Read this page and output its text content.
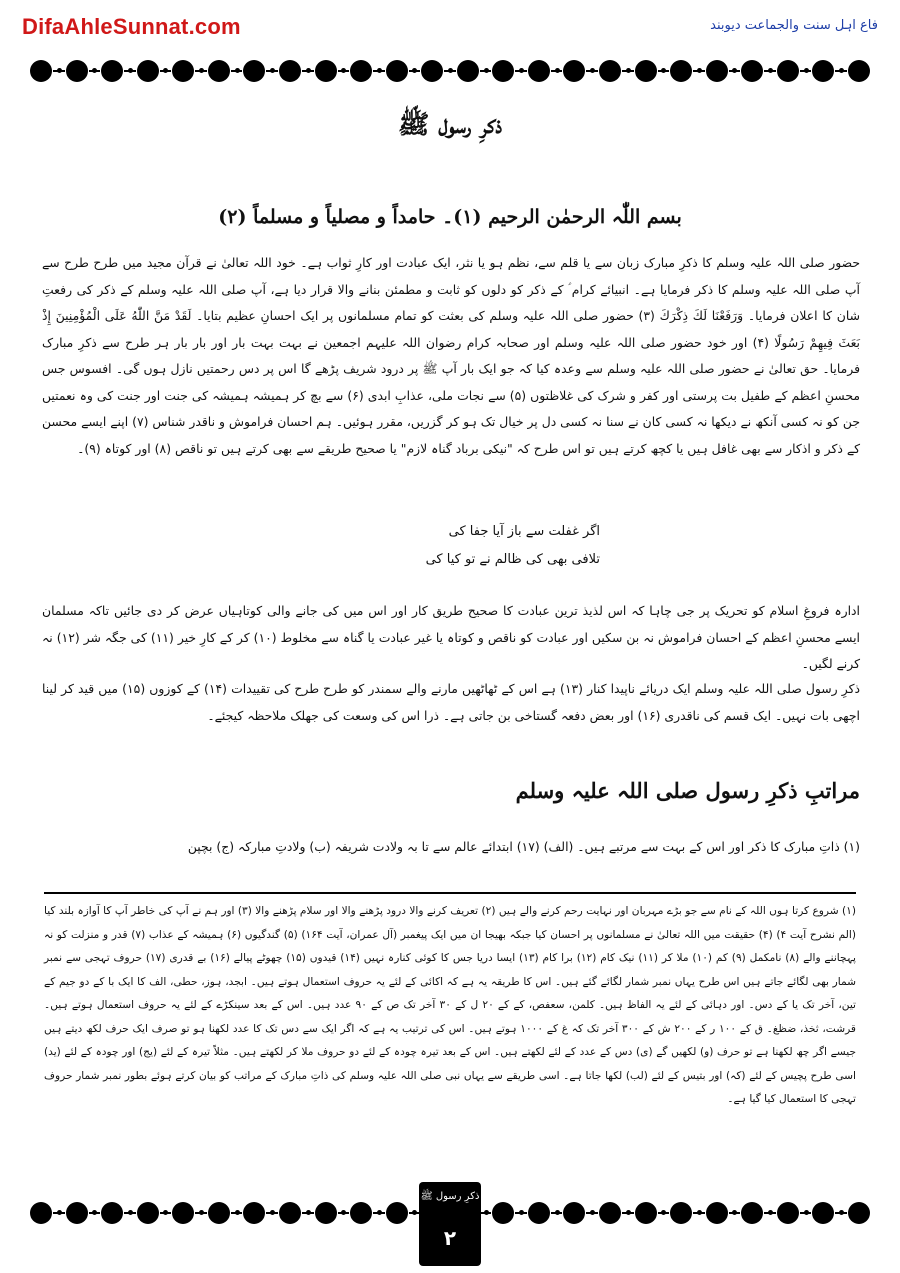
DifaAhleSunnat.com	فاع اہل سنت والجماعت دیوبند
ذکرِ رسول ﷺ
بسم اللّٰہ الرحمٰن الرحیم (۱)۔ حامداً و مصلیاً و مسلماً (۲)
حضور صلی اللہ علیہ وسلم کا ذکرِ مبارک زبان سے یا قلم سے، نظم ہو یا نثر، ایک عبادت اور کارِ ثواب ہے۔ خود اللہ تعالیٰ نے قرآن مجید میں طرح طرح سے آپ صلی اللہ علیہ وسلم کا ذکر فرمایا ہے۔ انبیائے کرام ؑ کے ذکر کو دلوں کو ثابت و مطمئن بنانے والا قرار دیا ہے، آپ صلی اللہ علیہ وسلم کے ذکر کی رفعتِ شان کا اعلان فرمایا۔ وَرَفَعْنَا لَكَ ذِكْرَكَ (۳) حضور صلی اللہ علیہ وسلم کی بعثت کو تمام مسلمانوں پر ایک احسانِ عظیم بتایا۔ لَقَدْ مَنَّ اللّٰهُ عَلَى الْمُؤْمِنِينَ إِذْ بَعَثَ فِيهِمْ رَسُولًا (۴) اور خود حضور صلی اللہ علیہ وسلم اور صحابہ کرام رضوان اللہ علیہم اجمعین نے بہت بہت بار اور بار بار ہر طرح سے ذکرِ مبارک فرمایا۔ حق تعالیٰ نے حضور صلی اللہ علیہ وسلم سے وعدہ کیا کہ جو ایک بار آپ ﷺ پر درود شریف پڑھے گا اس پر دس رحمتیں نازل ہوں گی۔ افسوس جس محسنِ اعظم کے طفیل بت پرستی اور کفر و شرک کی غلاظتوں (۵) سے نجات ملی، عذابِ ابدی (۶) سے بچ کر ہمیشہ ہمیشہ کی جنت اور جنت کی وہ نعمتیں جن کو نہ کسی آنکھ نے دیکھا نہ کسی کان نے سنا نہ کسی دل پر خیال تک ہو کر گزریں، مقرر ہوئیں۔ ہم احسان فراموش و ناقدر شناس (۷) اپنے ایسے محسن کے ذکر و اذکار سے بھی غافل ہیں یا کچھ کرتے ہیں تو اس طرح کہ "نیکی برباد گناہ لازم" یا صحیح طریقے سے بھی کرتے ہیں تو ناقص (۸) اور کوتاہ (۹)۔
اگر غفلت سے باز آیا جفا کی
تلافی بھی کی ظالم نے تو کیا کی
ادارہ فروغِ اسلام کو تحریک پر جی چاہا کہ اس لذیذ ترین عبادت کا صحیح طریق کار اور اس میں کی جانے والی کوتاہیاں عرض کر دی جائیں تاکہ مسلمان ایسے محسنِ اعظم کے احسان فراموش نہ بن سکیں اور عبادت کو ناقص و کوتاہ یا غیر عبادت یا گناہ سے مخلوط (۱۰) کر کے کارِ خیر (۱۱) کی جگہ شر (۱۲) نہ کرنے لگیں۔
ذکرِ رسول صلی اللہ علیہ وسلم ایک دریائے ناپیدا کنار (۱۳) ہے اس کے ٹھاٹھیں مارنے والے سمندر کو طرح طرح کی تقییدات (۱۴) کے کوزوں (۱۵) میں قید کر لینا اچھی بات نہیں۔ ایک قسم کی ناقدری (۱۶) اور بعض دفعہ گستاخی بن جاتی ہے۔ ذرا اس کی وسعت کی جھلک ملاحظہ کیجئے۔
مراتبِ ذکرِ رسول صلی اللہ علیہ وسلم
(۱) ذاتِ مبارک کا ذکر اور اس کے بہت سے مرتبے ہیں۔ (الف) (۱۷) ابتدائے عالم سے تا بہ ولادت شریفہ (ب) ولادتِ مبارکہ (ج) بچپن
(۱) شروع کرتا ہوں اللہ کے نام سے جو بڑے مہربان اور نہایت رحم کرنے والے ہیں (۲) تعریف کرنے والا درود پڑھنے والا اور سلام پڑھنے والا (۳) اور ہم نے آپ کی خاطر آپ کا آوازہ بلند کیا (الم نشرح آیت ۴) (۴) حقیقت میں اللہ تعالیٰ نے مسلمانوں پر احسان کیا جبکہ بھیجا ان میں ایک پیغمبر (آل عمران، آیت ۱۶۴) (۵) گندگیوں (۶) ہمیشہ کے عذاب (۷) قدر و منزلت کو نہ پہچاننے والے (۸) نامکمل (۹) کم (۱۰) ملا کر (۱۱) نیک کام (۱۲) برا کام (۱۳) ایسا دریا جس کا کوئی کنارہ نہیں (۱۴) قیدوں (۱۵) چھوٹے پیالے (۱۶) بے قدری (۱۷) حروف تہجی سے نمبر شمار بھی لگائے جاتے ہیں اس طرح یہاں نمبر شمار لگائے گئے ہیں۔ اس کا طریقہ یہ ہے کہ اکائی کے لئے یہ حروف استعمال ہوتے ہیں۔ ابجد، ہوز، حطی، الف کا ایک با کے دو جیم کے تین، آخر تک یا کے دس۔ اور دہائی کے لئے یہ الفاظ ہیں۔ کلمن، سعفص، کے کے ۲۰ ل کے ۳۰ آخر تک ص کے ۹۰ عدد ہیں۔ اس کے بعد سینکڑے کے لئے یہ حروف استعمال ہوتے ہیں۔ قرشت، ثخذ، ضظغ۔ ق کے ۱۰۰ ر کے ۲۰۰ ش کے ۳۰۰ آخر تک کہ غ کے ۱۰۰۰ ہوتے ہیں۔ اس کی ترتیب یہ ہے کہ اگر ایک سے دس تک کا عدد لکھنا ہو تو صرف ایک حرف لکھ دیتے ہیں جیسے اگر چھ لکھنا ہے تو حرف (و) لکھیں گے (ی) دس کے عدد کے لئے لکھتے ہیں۔ اس کے بعد تیرہ چودہ کے لئے دو حروف ملا کر لکھتے ہیں۔ مثلاً تیرہ کے لئے (یج) اور چودہ کے لئے (ید) اسی طرح پچیس کے لئے (کہ) اور بتیس کے لئے (لب) لکھا جاتا ہے۔ اسی طریقے سے یہاں نبی صلی اللہ علیہ وسلم کی ذاتِ مبارک کے مراتب کو بیان کرتے ہوئے بطور نمبر شمار حروف تہجی کا استعمال کیا گیا ہے۔
ذکرِ رسول ﷺ
۲
